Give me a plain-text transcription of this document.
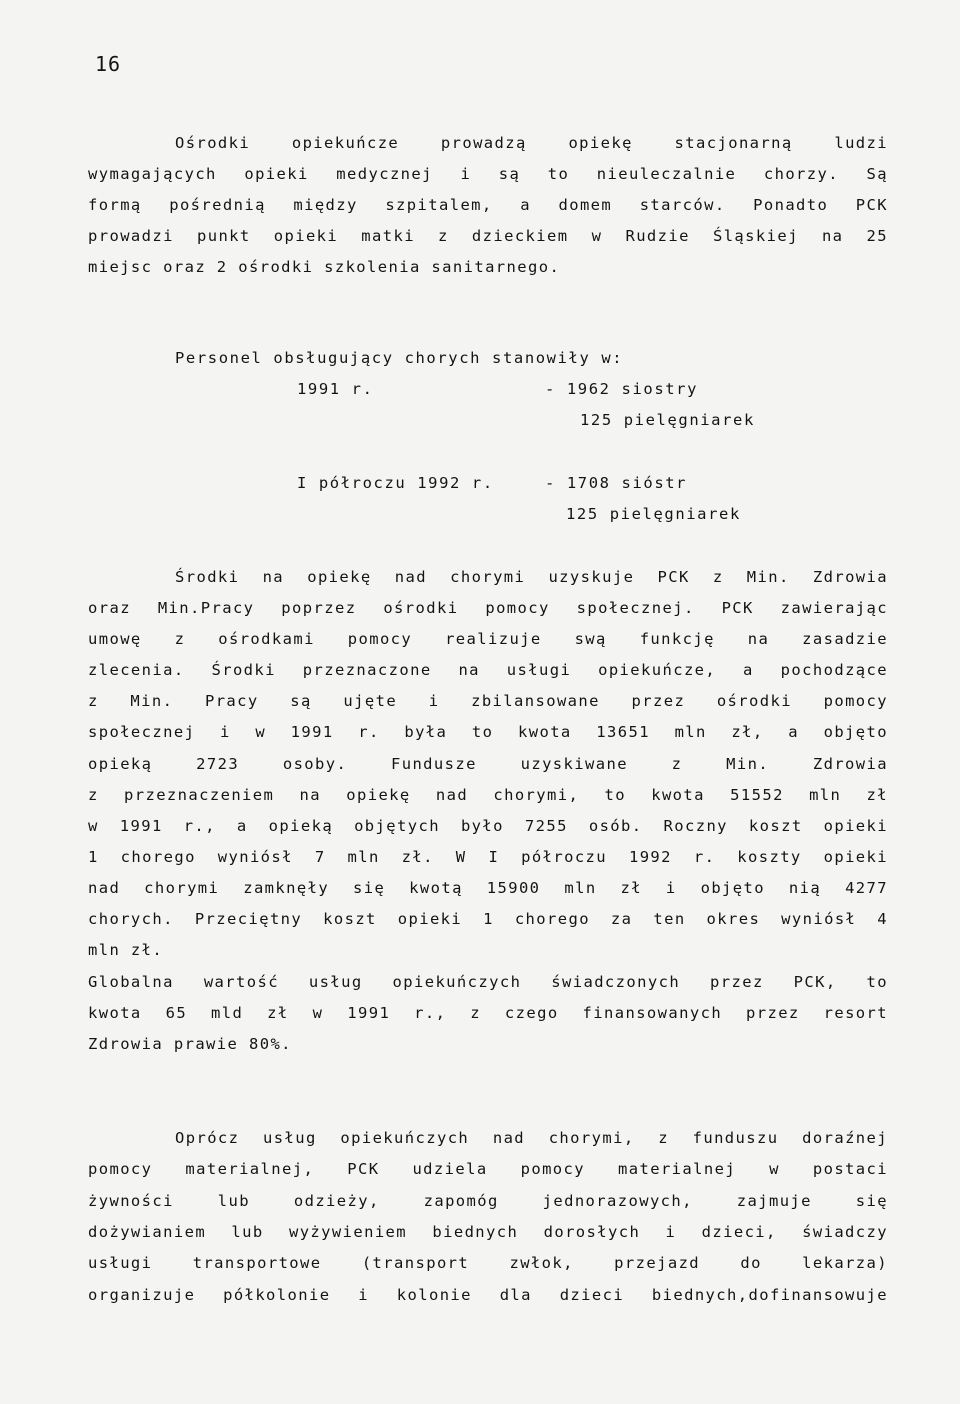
16
Ośrodki opiekuńcze prowadzą opiekę stacjonarną ludzi
wymagających opieki medycznej i są to nieuleczalnie chorzy. Są
formą pośrednią między szpitalem, a domem starców. Ponadto PCK
prowadzi punkt opieki matki z dzieckiem w Rudzie Śląskiej na 25
miejsc oraz 2 ośrodki szkolenia sanitarnego.
Personel obsługujący chorych stanowiły w:
1991 r.	- 1962 siostry
125 pielęgniarek
I półroczu 1992 r.	- 1708 sióstr
125 pielęgniarek
Środki na opiekę nad chorymi uzyskuje PCK z Min. Zdrowia
oraz Min.Pracy poprzez ośrodki pomocy społecznej. PCK zawierając
umowę z ośrodkami pomocy realizuje swą funkcję na zasadzie
zlecenia. Środki przeznaczone na usługi opiekuńcze, a pochodzące
z Min. Pracy są ujęte i zbilansowane przez ośrodki pomocy
społecznej i w 1991 r. była to kwota 13651 mln zł, a objęto
opieką 2723 osoby. Fundusze uzyskiwane z Min. Zdrowia
z przeznaczeniem na opiekę nad chorymi, to kwota 51552 mln zł
w 1991 r., a opieką objętych było 7255 osób. Roczny koszt opieki
1 chorego wyniósł 7 mln zł. W I półroczu 1992 r. koszty opieki
nad chorymi zamknęły się kwotą 15900 mln zł i objęto nią 4277
chorych. Przeciętny koszt opieki 1 chorego za ten okres wyniósł 4
mln zł.
Globalna wartość usług opiekuńczych świadczonych przez PCK, to
kwota 65 mld zł w 1991 r., z czego finansowanych przez resort
Zdrowia prawie 80%.
Oprócz usług opiekuńczych nad chorymi, z funduszu doraźnej
pomocy materialnej, PCK udziela pomocy materialnej w postaci
żywności lub odzieży, zapomóg jednorazowych, zajmuje się
dożywianiem lub wyżywieniem biednych dorosłych i dzieci, świadczy
usługi transportowe (transport zwłok, przejazd do lekarza)
organizuje półkolonie i kolonie dla dzieci biednych,dofinansowuje
